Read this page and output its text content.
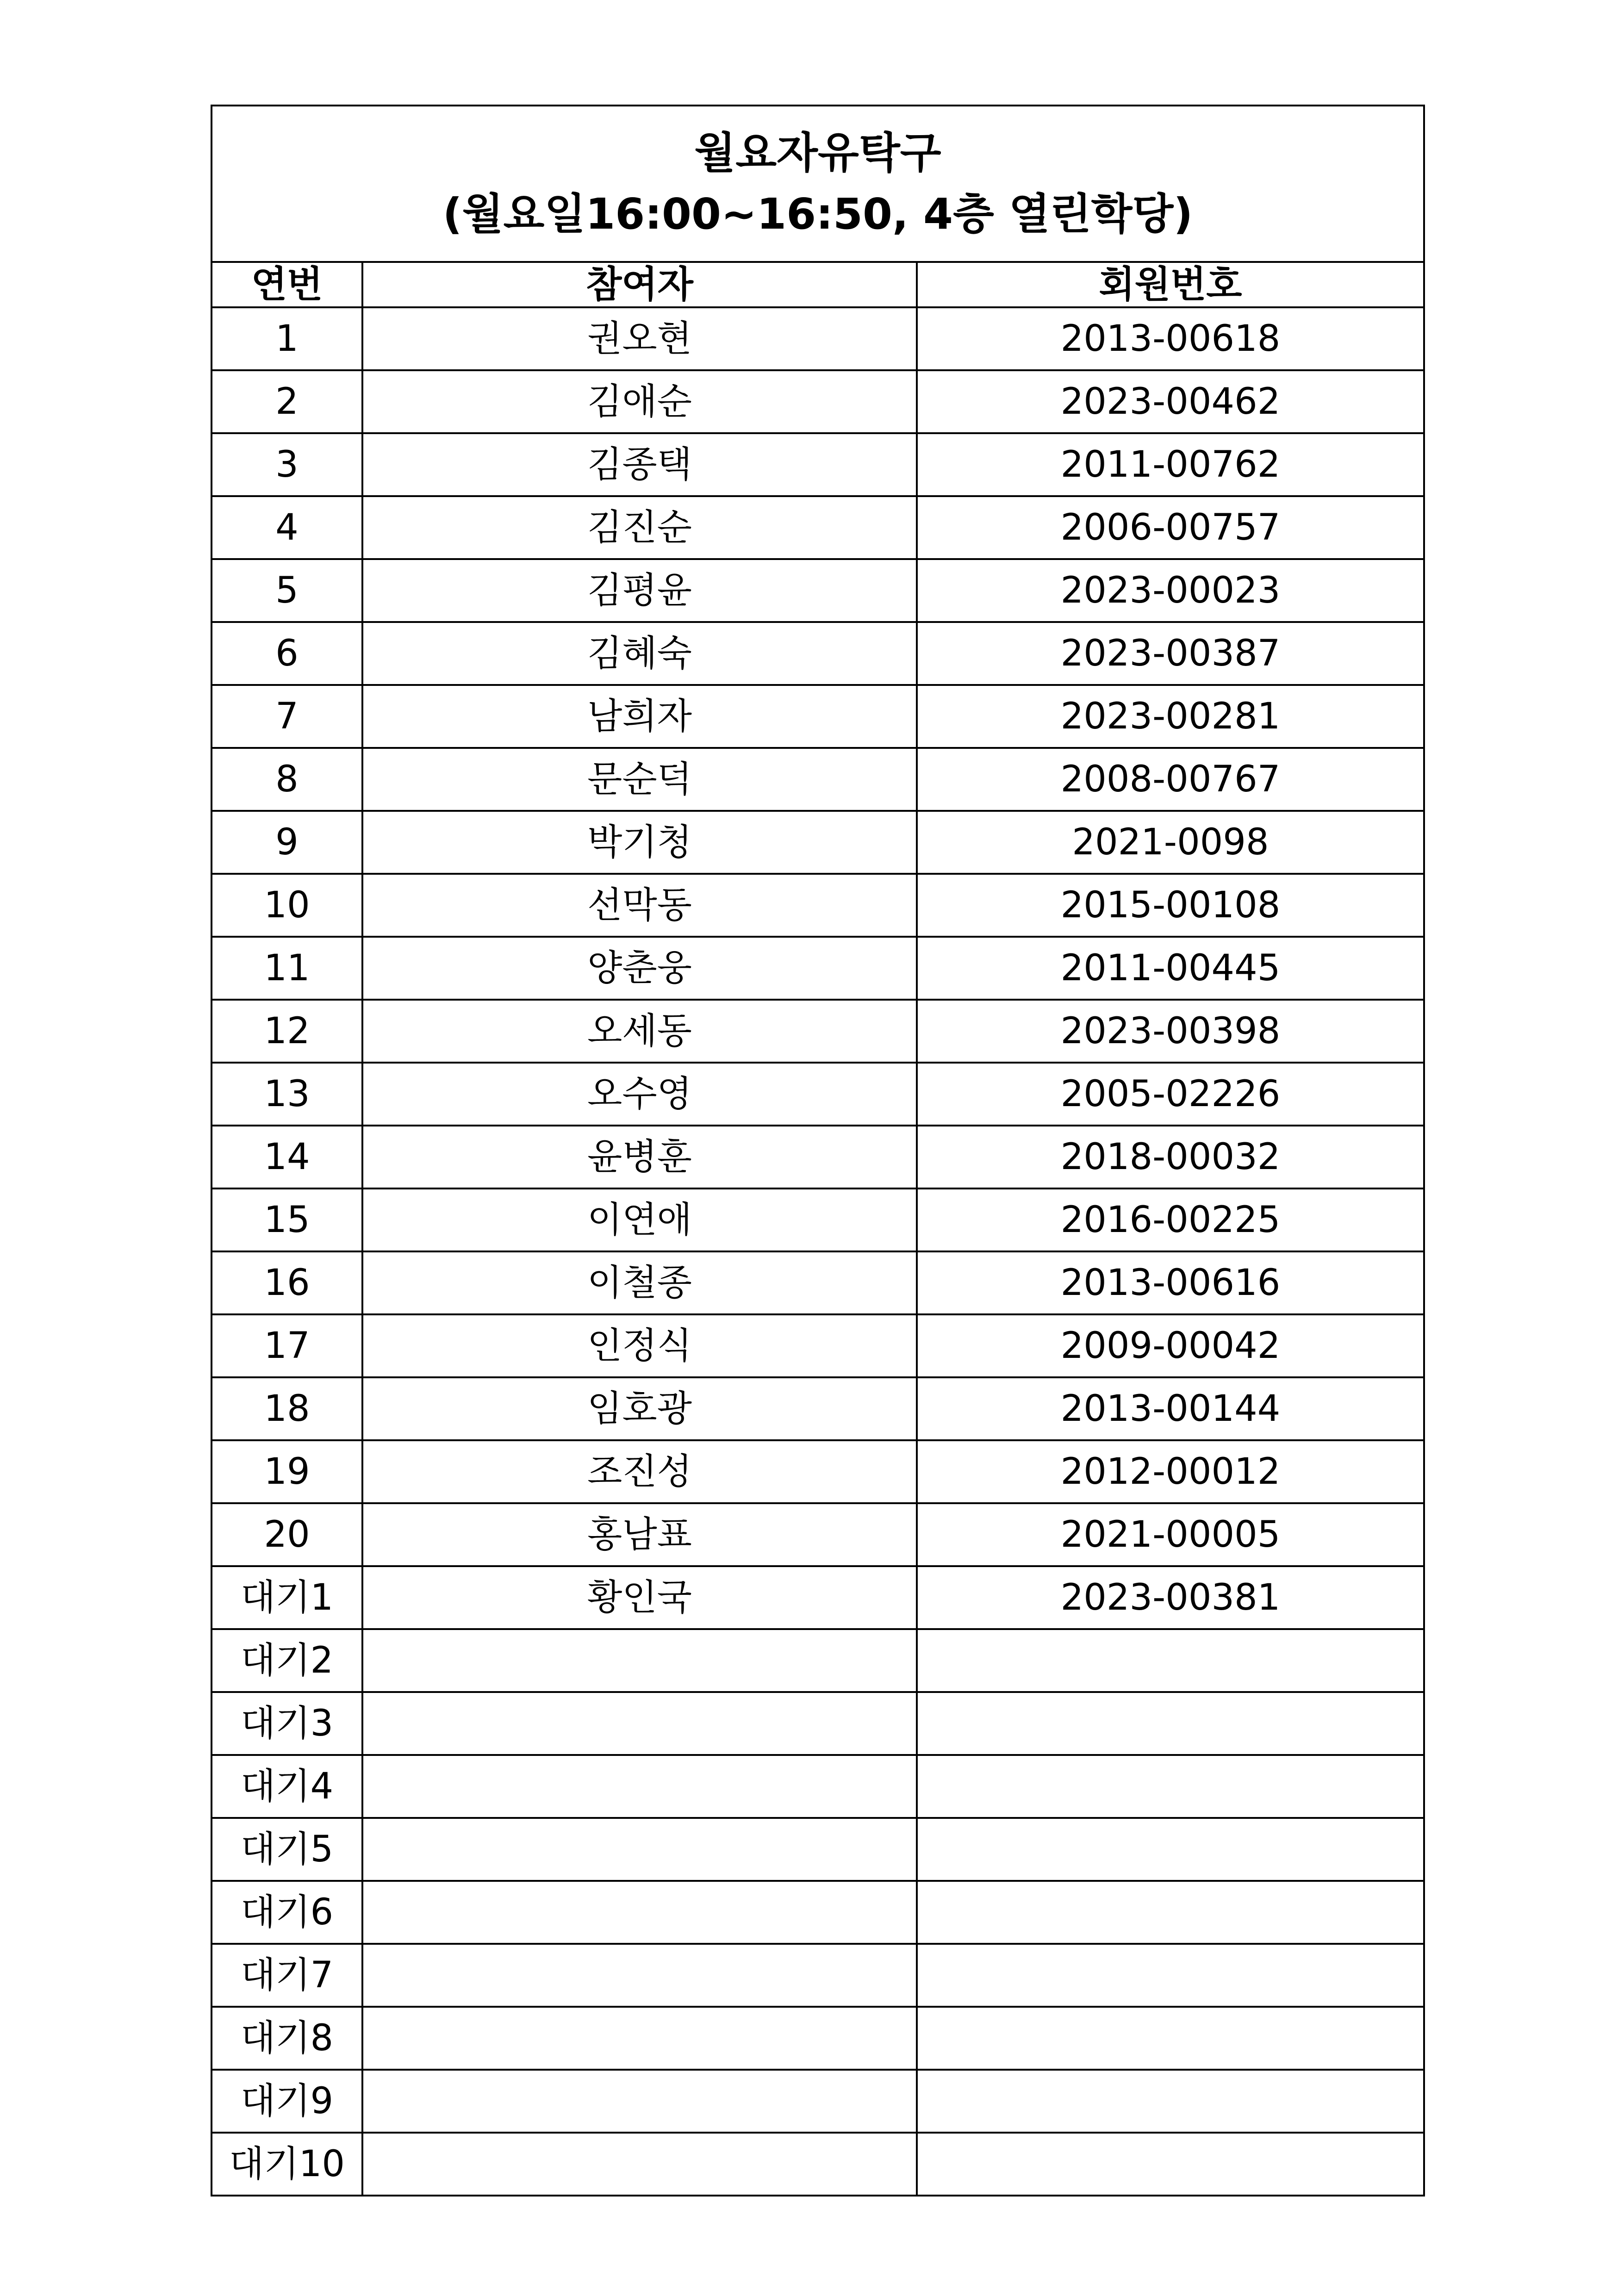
월요자유탁구
(월요일16:00~16:50, 4층 열린학당)
연번	참여자	회원번호
1	권오현	2013-00618
2	김애순	2023-00462
3	김종택	2011-00762
4	김진순	2006-00757
5	김평윤	2023-00023
6	김혜숙	2023-00387
7	남희자	2023-00281
8	문순덕	2008-00767
9	박기청	2021-0098
10	선막동	2015-00108
11	양춘웅	2011-00445
12	오세동	2023-00398
13	오수영	2005-02226
14	윤병훈	2018-00032
15	이연애	2016-00225
16	이철종	2013-00616
17	인정식	2009-00042
18	임호광	2013-00144
19	조진성	2012-00012
20	홍남표	2021-00005
대기1	황인국	2023-00381
대기2		
대기3		
대기4		
대기5		
대기6		
대기7		
대기8		
대기9		
대기10		
